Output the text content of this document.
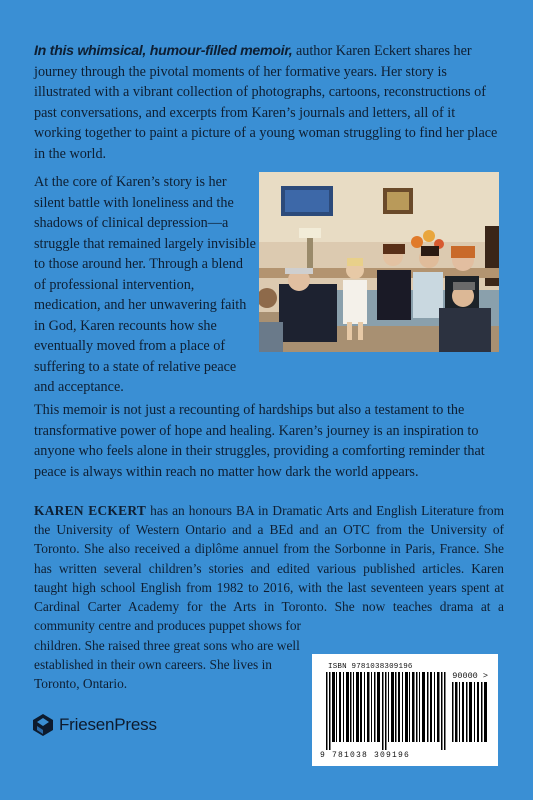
In this whimsical, humour-filled memoir, author Karen Eckert shares her journey through the pivotal moments of her formative years. Her story is illustrated with a vibrant collection of photographs, cartoons, reconstructions of past conversations, and excerpts from Karen’s journals and letters, all of it working together to paint a picture of a young woman struggling to find her place in the world.

At the core of Karen’s story is her silent battle with loneliness and the shadows of clinical depression—a struggle that remained largely invisible to those around her. Through a blend of professional intervention, medication, and her unwavering faith in God, Karen recounts how she eventually moved from a place of suffering to a state of relative peace and acceptance.

This memoir is not just a recounting of hardships but also a testament to the transformative power of hope and healing. Karen’s journey is an inspiration to anyone who feels alone in their struggles, providing a comforting reminder that peace is always within reach no matter how dark the world appears.

KAREN ECKERT has an honours BA in Dramatic Arts and English Literature from the University of Western Ontario and a BEd and an OTC from the University of Toronto. She also received a diplôme annuel from the Sorbonne in Paris, France. She has written several children’s stories and edited various published articles. Karen taught high school English from 1982 to 2016, with the last seventeen years spent at Cardinal Carter Academy for the Arts in Toronto. She now teaches drama at a community centre and produces puppet shows for

children. She raised three great sons who are well established in their own careers. She lives in Toronto, Ontario.

FriesenPress
ISBN 9781038309196
90000 >
9 781038 309196
